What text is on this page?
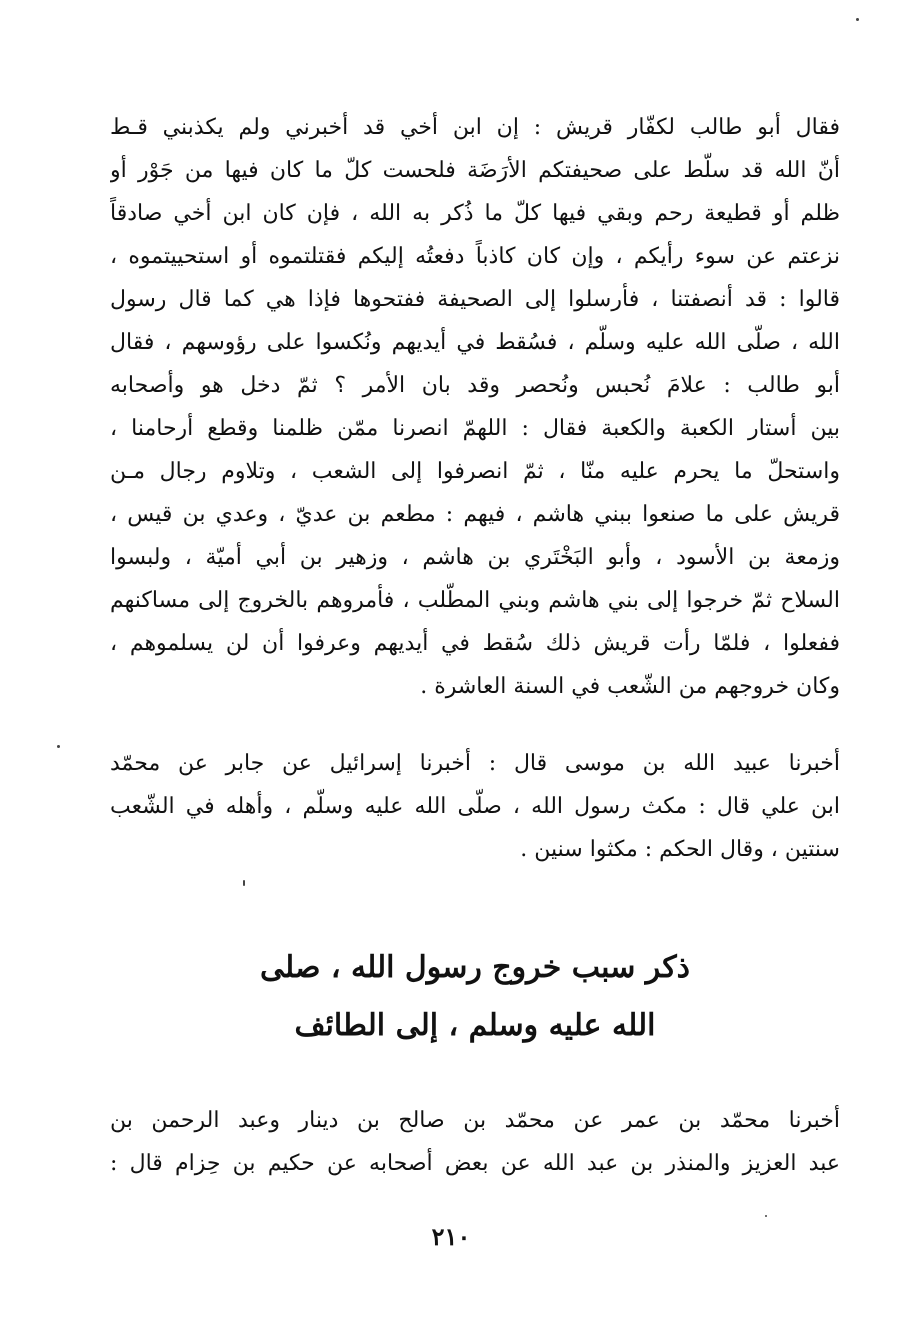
فقال أبو طالب لكفّار قريش : إن ابن أخي قد أخبرني ولم يكذبني قـط
أنّ الله قد سلّط على صحيفتكم الأرَضَة فلحست كلّ ما كان فيها من جَوْر أو
ظلم أو قطيعة رحم وبقي فيها كلّ ما ذُكر به الله ، فإن كان ابن أخي صادقاً
نزعتم عن سوء رأيكم ، وإن كان كاذباً دفعتُه إليكم فقتلتموه أو استحييتموه ،
قالوا : قد أنصفتنا ، فأرسلوا إلى الصحيفة ففتحوها فإذا هي كما قال رسول
الله ، صلّى الله عليه وسلّم ، فسُقط في أيديهم ونُكسوا على رؤوسهم ، فقال
أبو طالب : علامَ نُحبس ونُحصر وقد بان الأمر ؟ ثمّ دخل هو وأصحابه
بين أستار الكعبة والكعبة فقال : اللهمّ انصرنا ممّن ظلمنا وقطع أرحامنا ،
واستحلّ ما يحرم عليه منّا ، ثمّ انصرفوا إلى الشعب ، وتلاوم رجال مـن
قريش على ما صنعوا ببني هاشم ، فيهم : مطعم بن عديّ ، وعدي بن قيس ،
وزمعة بن الأسود ، وأبو البَخْتَري بن هاشم ، وزهير بن أبي أميّة ، ولبسوا
السلاح ثمّ خرجوا إلى بني هاشم وبني المطّلب ، فأمروهم بالخروج إلى مساكنهم
ففعلوا ، فلمّا رأت قريش ذلك سُقط في أيديهم وعرفوا أن لن يسلموهم ،
وكان خروجهم من الشّعب في السنة العاشرة .
أخبرنا عبيد الله بن موسى قال : أخبرنا إسرائيل عن جابر عن محمّد
ابن علي قال : مكث رسول الله ، صلّى الله عليه وسلّم ، وأهله في الشّعب
سنتين ، وقال الحكم : مكثوا سنين .
ذكر سبب خروج رسول الله ، صلى
الله عليه وسلم ، إلى الطائف
أخبرنا محمّد بن عمر عن محمّد بن صالح بن دينار وعبد الرحمن بن
عبد العزيز والمنذر بن عبد الله عن بعض أصحابه عن حكيم بن حِزام قال :
٢١٠
